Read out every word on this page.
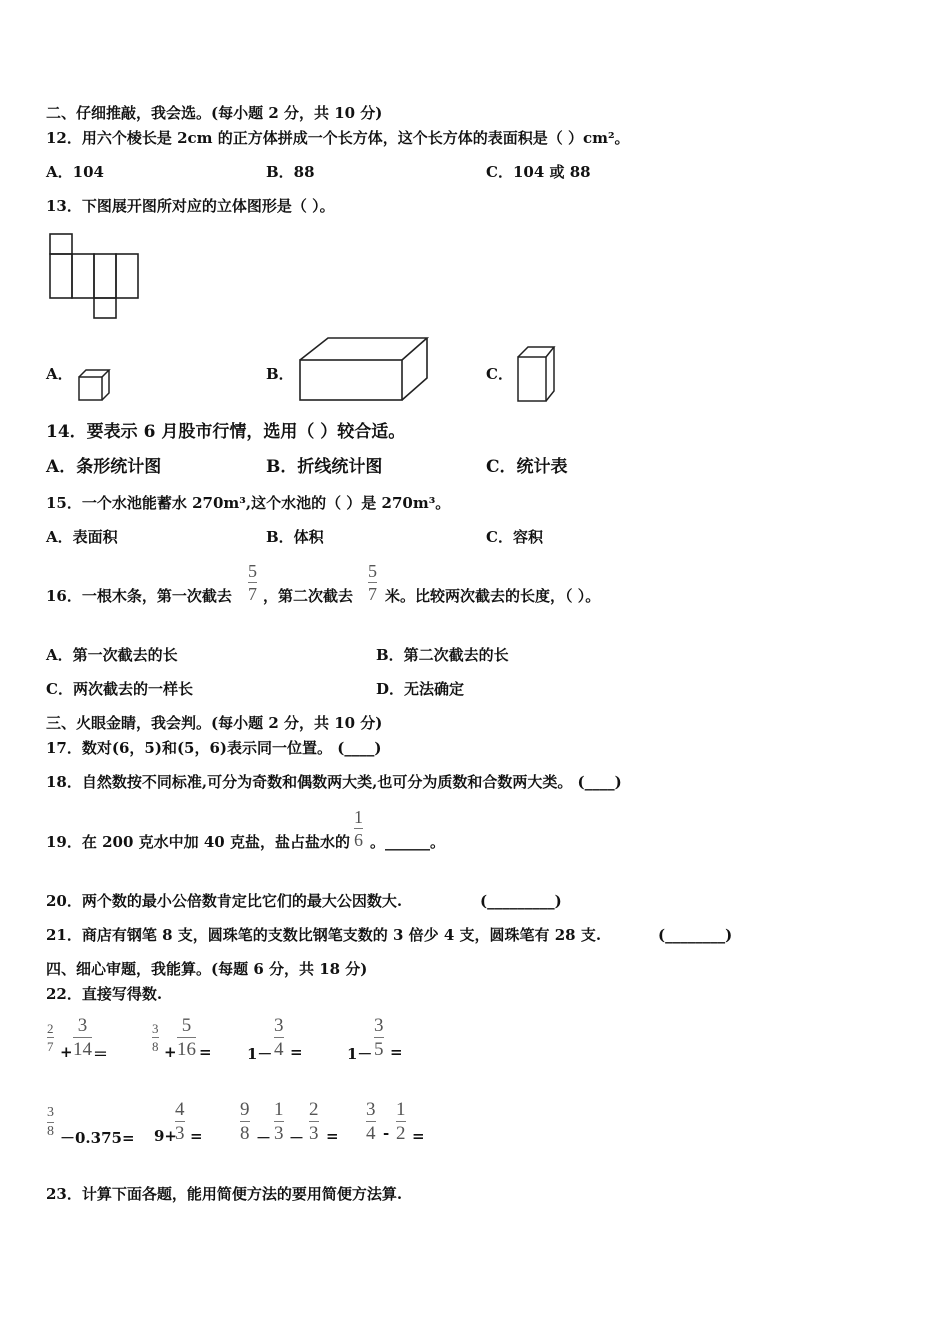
二、仔细推敲，我会选。(每小题 2 分，共 10 分)
12．用六个棱长是 2cm 的正方体拼成一个长方体，这个长方体的表面积是（ ）cm²。
A．104	B．88	C．104 或 88
13．下图展开图所对应的立体图形是（ ）。
A．	B．	C．
14．要表示 6 月股市行情，选用（ ）较合适。
A．条形统计图	B．折线统计图	C．统计表
15．一个水池能蓄水 270m³,这个水池的（ ）是 270m³。
A．表面积	B．体积	C．容积
16．一根木条，第一次截去
5
7 ，第二次截去
5
7 米。比较两次截去的长度，（ ）。
A．第一次截去的长	B．第二次截去的长
C．两次截去的一样长	D．无法确定
三、火眼金睛，我会判。(每小题 2 分，共 10 分)
17．数对(6，5)和(5，6)表示同一位置。 (____)
18．自然数按不同标准,可分为奇数和偶数两大类,也可分为质数和合数两大类。 (____)
19．在 200 克水中加 40 克盐，盐占盐水的
1
6 。______。
20．两个数的最小公倍数肯定比它们的最大公因数大.	(_________)
21．商店有钢笔 8 支，圆珠笔的支数比钢笔支数的 3 倍少 4 支，圆珠笔有 28 支.	(________)
四、细心审题，我能算。(每题 6 分，共 18 分)
22．直接写得数.
2
7 +
3
14 ＝
3
8 +
5
16 = 1－
3
4 =	1－
3
5 =
3
8 －0.375= 9+
4
3 =
9
8 －
1
3 －
2
3 =
3
4 -
1
2 =
23．计算下面各题，能用简便方法的要用简便方法算.
